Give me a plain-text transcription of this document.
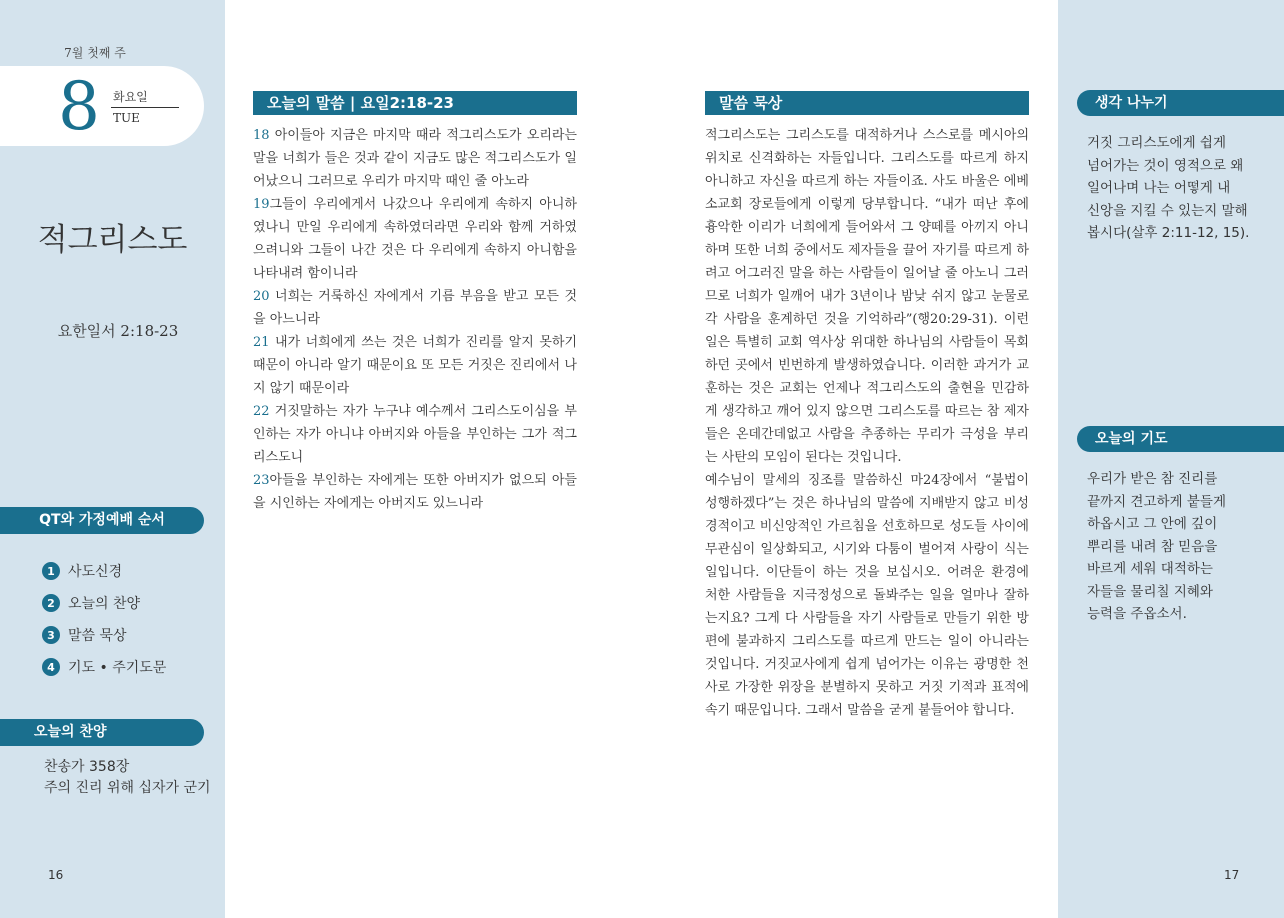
7월 첫째 주
8 화요일
TUE
적그리스도
요한일서 2:18-23
QT와 가정예배 순서
1 사도신경
2 오늘의 찬양
3 말씀 묵상
4 기도 • 주기도문
오늘의 찬양
찬송가 358장
주의 진리 위해 십자가 군기
16
오늘의 말씀 | 요일2:18-23

18 아이들아 지금은 마지막 때라 적그리스도가 오리라는 말을 너희가 들은 것과 같이 지금도 많은 적그리스도가 일어났으니 그러므로 우리가 마지막 때인 줄 아노라

19그들이 우리에게서 나갔으나 우리에게 속하지 아니하였나니 만일 우리에게 속하였더라면 우리와 함께 거하였으려니와 그들이 나간 것은 다 우리에게 속하지 아니함을 나타내려 함이니라

20 너희는 거룩하신 자에게서 기름 부음을 받고 모든 것을 아느니라

21 내가 너희에게 쓰는 것은 너희가 진리를 알지 못하기 때문이 아니라 알기 때문이요 또 모든 거짓은 진리에서 나지 않기 때문이라

22 거짓말하는 자가 누구냐 예수께서 그리스도이심을 부인하는 자가 아니냐 아버지와 아들을 부인하는 그가 적그리스도니

23아들을 부인하는 자에게는 또한 아버지가 없으되 아들을 시인하는 자에게는 아버지도 있느니라

말씀 묵상

적그리스도는 그리스도를 대적하거나 스스로를 메시아의 위치로 신격화하는 자들입니다. 그리스도를 따르게 하지 아니하고 자신을 따르게 하는 자들이죠. 사도 바울은 에베소교회 장로들에게 이렇게 당부합니다. “내가 떠난 후에 흉악한 이리가 너희에게 들어와서 그 양떼를 아끼지 아니하며 또한 너희 중에서도 제자들을 끌어 자기를 따르게 하려고 어그러진 말을 하는 사람들이 일어날 줄 아노니 그러므로 너희가 일깨어 내가 3년이나 밤낮 쉬지 않고 눈물로 각 사람을 훈계하던 것을 기억하라”(행20:29-31). 이런 일은 특별히 교회 역사상 위대한 하나님의 사람들이 목회하던 곳에서 빈번하게 발생하였습니다. 이러한 과거가 교훈하는 것은 교회는 언제나 적그리스도의 출현을 민감하게 생각하고 깨어 있지 않으면 그리스도를 따르는 참 제자들은 온데간데없고 사람을 추종하는 무리가 극성을 부리는 사탄의 모임이 된다는 것입니다.

예수님이 말세의 징조를 말씀하신 마24장에서 “불법이 성행하겠다”는 것은 하나님의 말씀에 지배받지 않고 비성경적이고 비신앙적인 가르침을 선호하므로 성도들 사이에 무관심이 일상화되고, 시기와 다툼이 벌어져 사랑이 식는 일입니다. 이단들이 하는 것을 보십시오. 어려운 환경에 처한 사람들을 지극정성으로 돌봐주는 일을 얼마나 잘하는지요? 그게 다 사람들을 자기 사람들로 만들기 위한 방편에 불과하지 그리스도를 따르게 만드는 일이 아니라는 것입니다. 거짓교사에게 쉽게 넘어가는 이유는 광명한 천사로 가장한 위장을 분별하지 못하고 거짓 기적과 표적에 속기 때문입니다. 그래서 말씀을 굳게 붙들어야 합니다.

생각 나누기
거짓 그리스도에게 쉽게
넘어가는 것이 영적으로 왜
일어나며 나는 어떻게 내
신앙을 지킬 수 있는지 말해
봅시다(살후 2:11-12, 15).
오늘의 기도
우리가 받은 참 진리를
끝까지 견고하게 붙들게
하옵시고 그 안에 깊이
뿌리를 내려 참 믿음을
바르게 세워 대적하는
자들을 물리칠 지혜와
능력을 주옵소서.
17
